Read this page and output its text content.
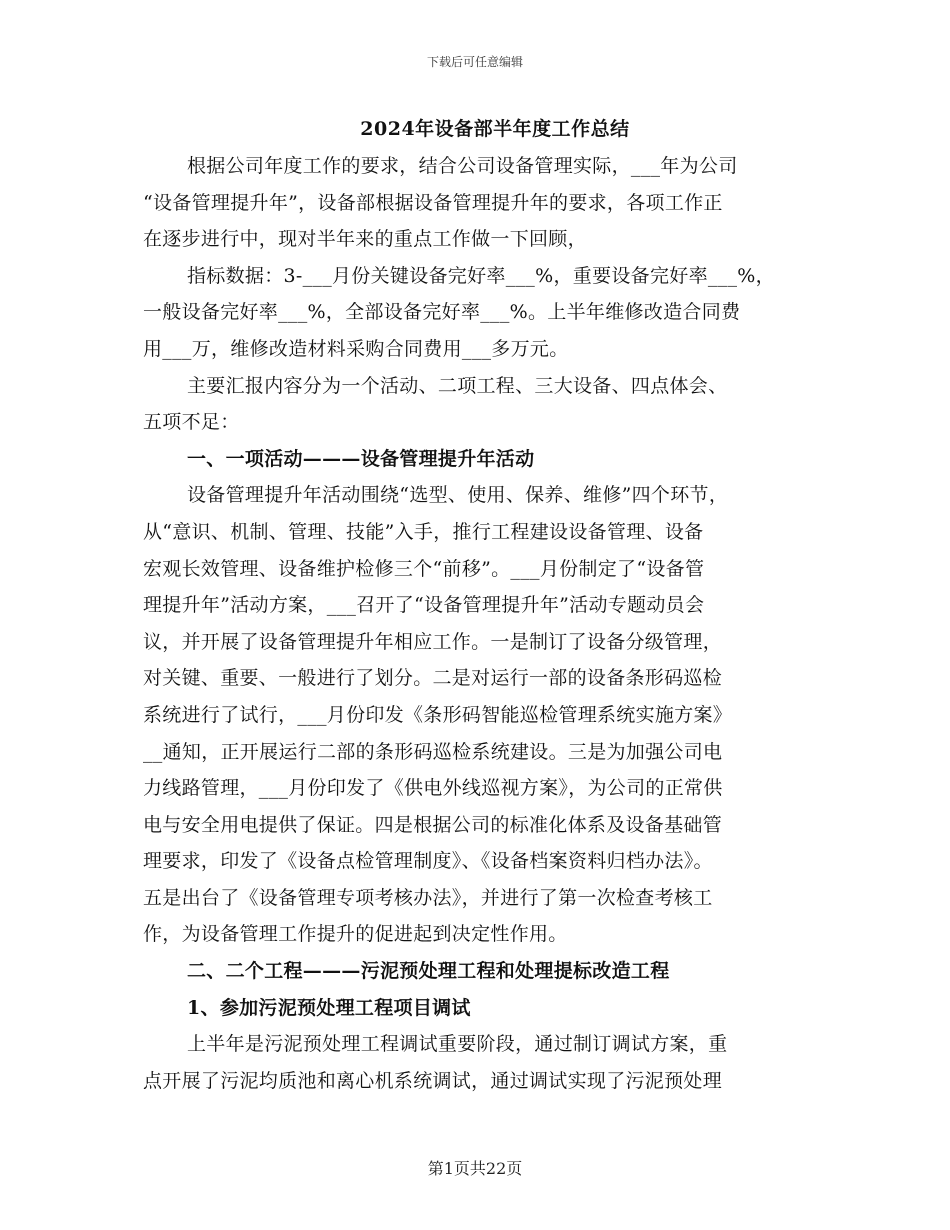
下载后可任意编辑
2024年设备部半年度工作总结
根据公司年度工作的要求，结合公司设备管理实际，___年为公司
“设备管理提升年”，设备部根据设备管理提升年的要求，各项工作正
在逐步进行中，现对半年来的重点工作做一下回顾，
指标数据：3-___月份关键设备完好率___%，重要设备完好率___%，
一般设备完好率___%，全部设备完好率___%。上半年维修改造合同费
用___万，维修改造材料采购合同费用___多万元。
主要汇报内容分为一个活动、二项工程、三大设备、四点体会、
五项不足：
一、一项活动———设备管理提升年活动
设备管理提升年活动围绕“选型、使用、保养、维修”四个环节，
从“意识、机制、管理、技能”入手，推行工程建设设备管理、设备
宏观长效管理、设备维护检修三个“前移”。___月份制定了“设备管
理提升年”活动方案，___召开了“设备管理提升年”活动专题动员会
议，并开展了设备管理提升年相应工作。一是制订了设备分级管理，
对关键、重要、一般进行了划分。二是对运行一部的设备条形码巡检
系统进行了试行，___月份印发《条形码智能巡检管理系统实施方案》
__通知，正开展运行二部的条形码巡检系统建设。三是为加强公司电
力线路管理，___月份印发了《供电外线巡视方案》，为公司的正常供
电与安全用电提供了保证。四是根据公司的标准化体系及设备基础管
理要求，印发了《设备点检管理制度》、《设备档案资料归档办法》。
五是出台了《设备管理专项考核办法》，并进行了第一次检查考核工
作，为设备管理工作提升的促进起到决定性作用。
二、二个工程———污泥预处理工程和处理提标改造工程
1、参加污泥预处理工程项目调试
上半年是污泥预处理工程调试重要阶段，通过制订调试方案，重
点开展了污泥均质池和离心机系统调试，通过调试实现了污泥预处理
第1页共22页
